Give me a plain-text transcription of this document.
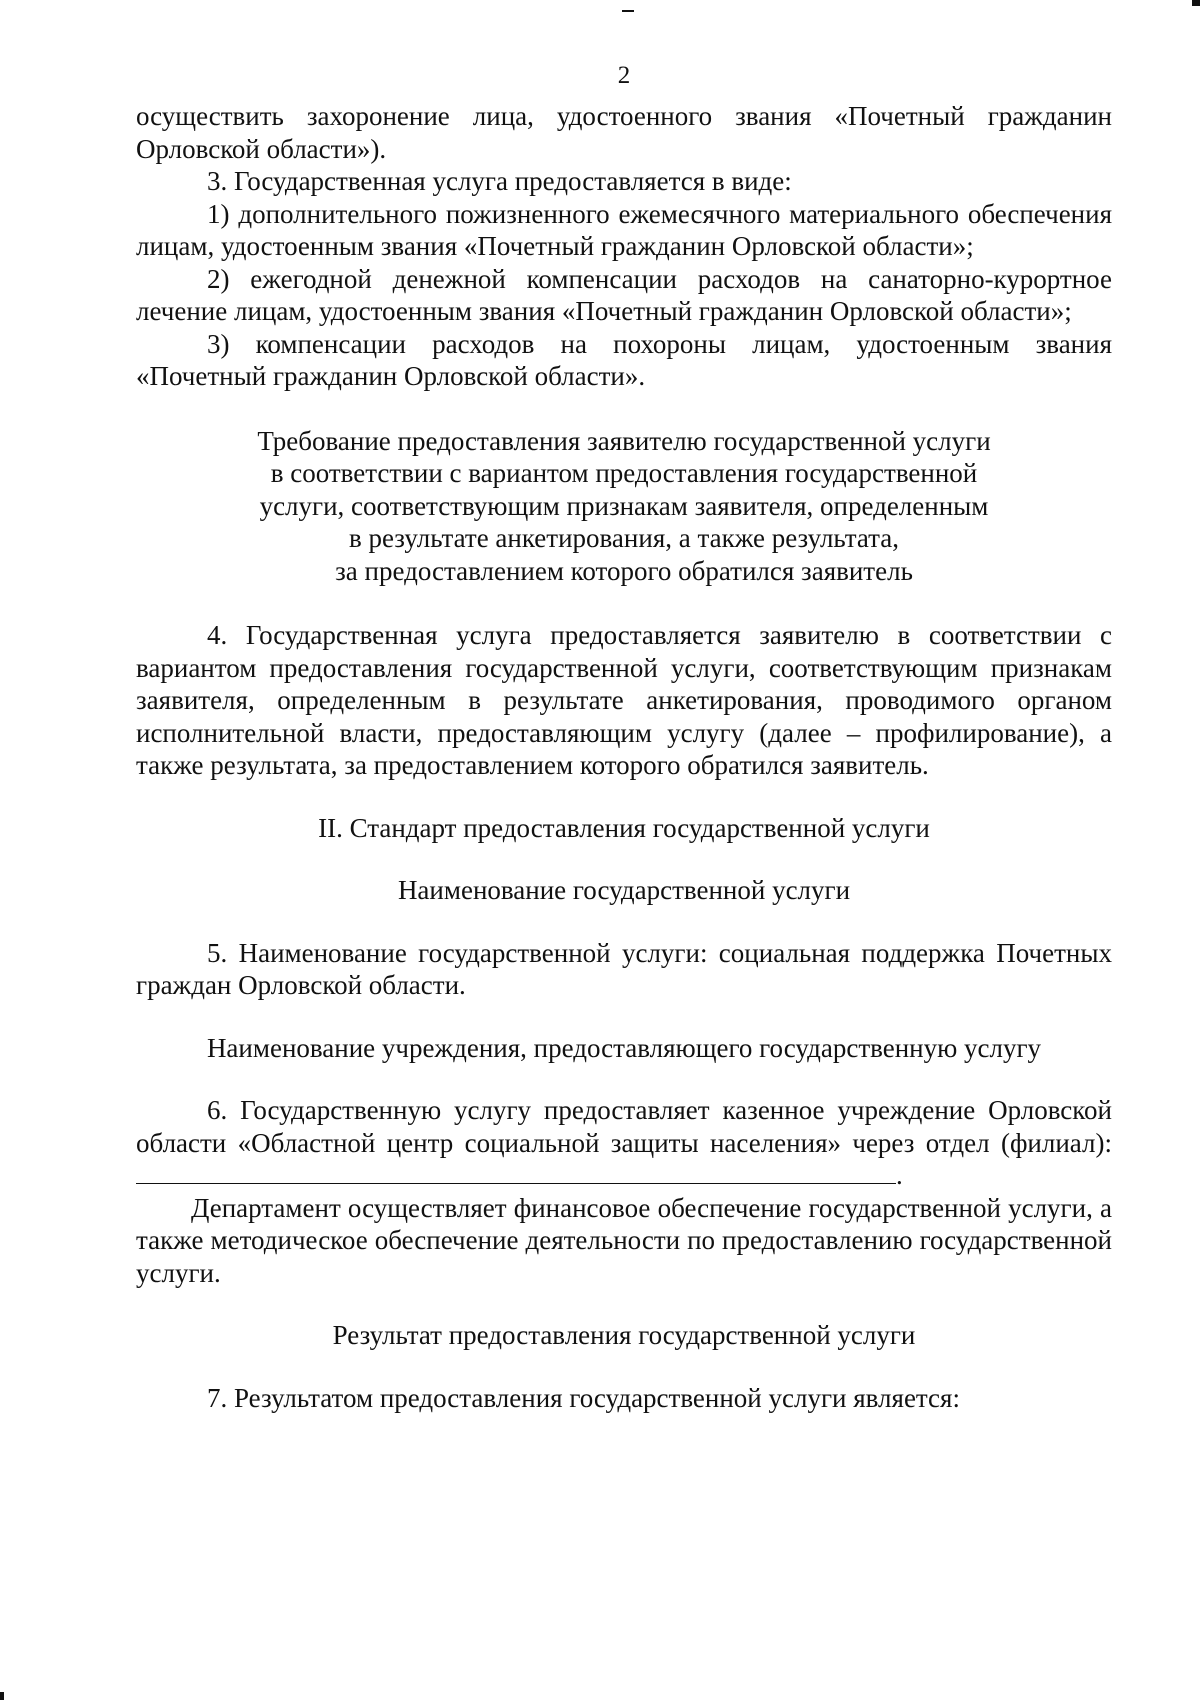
2

осуществить захоронение лица, удостоенного звания «Почетный гражданин Орловской области»).

3. Государственная услуга предоставляется в виде:

1) дополнительного пожизненного ежемесячного материального обеспечения лицам, удостоенным звания «Почетный гражданин Орловской области»;

2) ежегодной денежной компенсации расходов на санаторно-курортное лечение лицам, удостоенным звания «Почетный гражданин Орловской области»;

3) компенсации расходов на похороны лицам, удостоенным звания «Почетный гражданин Орловской области».

Требование предоставления заявителю государственной услуги
в соответствии с вариантом предоставления государственной
услуги, соответствующим признакам заявителя, определенным
в результате анкетирования, а также результата,
за предоставлением которого обратился заявитель

4. Государственная услуга предоставляется заявителю в соответствии с вариантом предоставления государственной услуги, соответствующим признакам заявителя, определенным в результате анкетирования, проводимого органом исполнительной власти, предоставляющим услугу (далее – профилирование), а также результата, за предоставлением которого обратился заявитель.

II. Стандарт предоставления государственной услуги

Наименование государственной услуги

5. Наименование государственной услуги: социальная поддержка Почетных граждан Орловской области.

Наименование учреждения, предоставляющего государственную услугу

6. Государственную услугу предоставляет казенное учреждение Орловской области «Областной центр социальной защиты населения» через отдел (филиал): .

Департамент осуществляет финансовое обеспечение государственной услуги, а также методическое обеспечение деятельности по предоставлению государственной услуги.

Результат предоставления государственной услуги

7. Результатом предоставления государственной услуги является:
